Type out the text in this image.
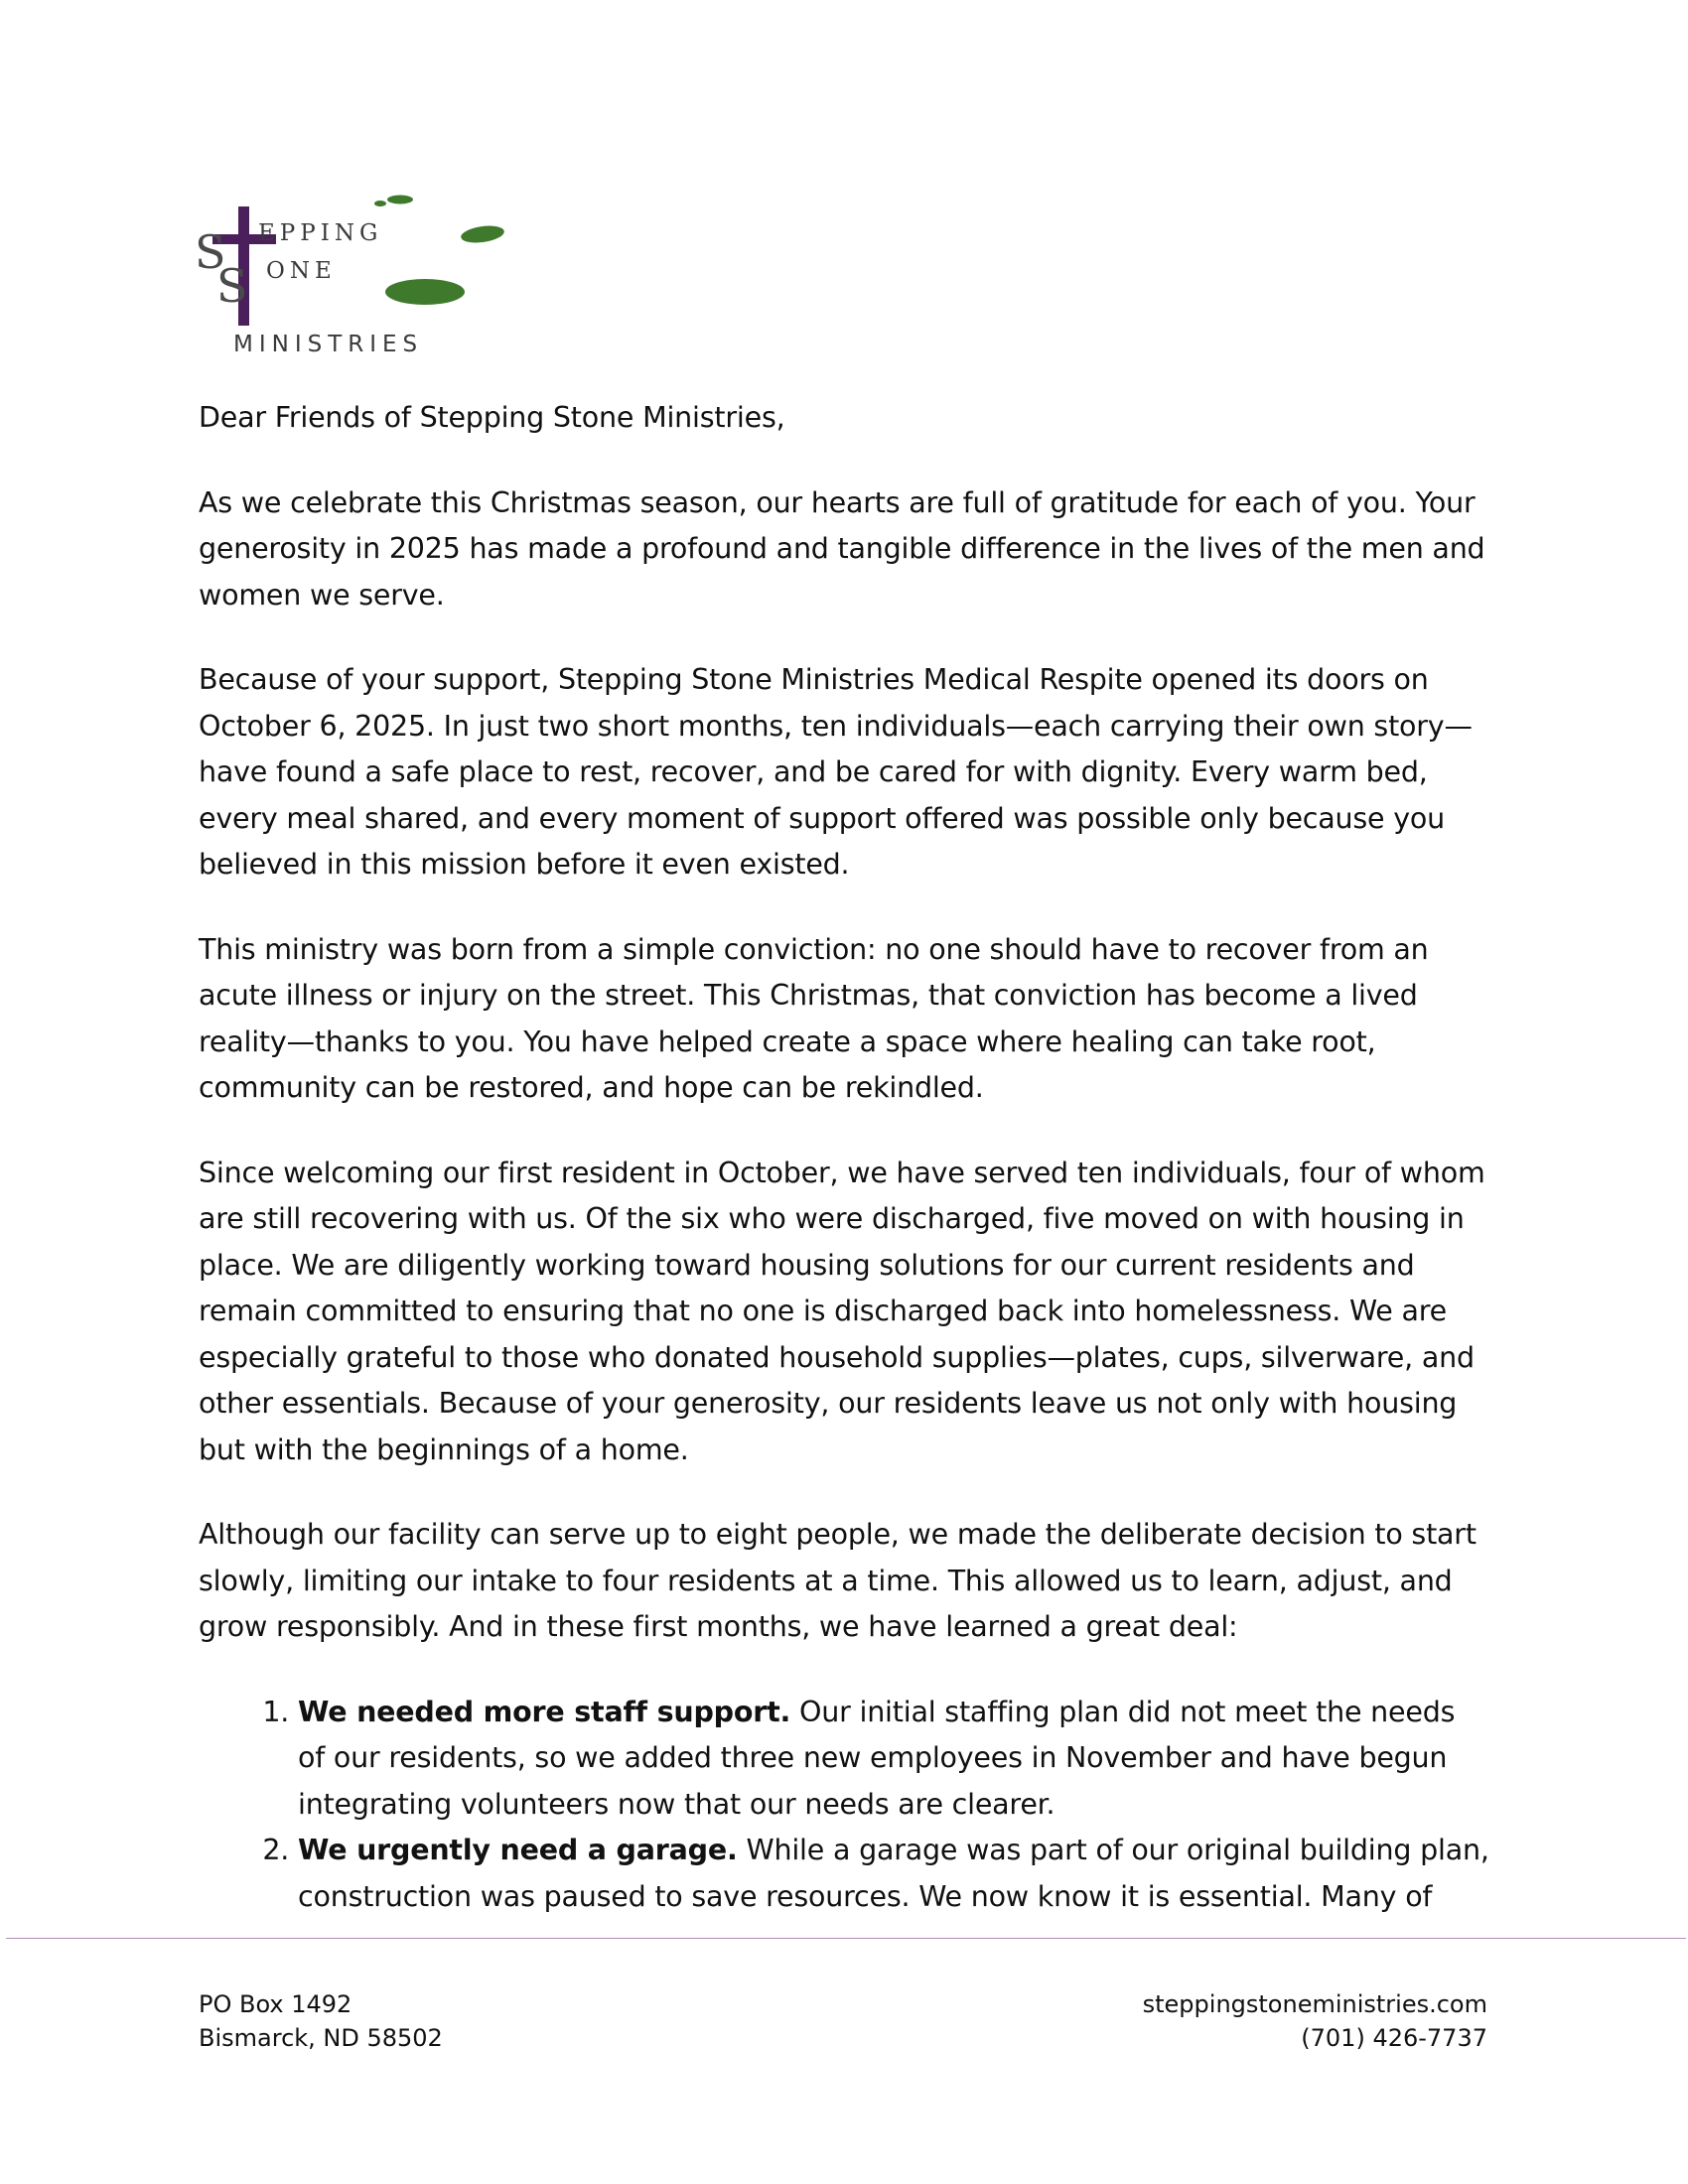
S
S
EPPING
ONE
MINISTRIES

Dear Friends of Stepping Stone Ministries,

As we celebrate this Christmas season, our hearts are full of gratitude for each of you. Your generosity in 2025 has made a profound and tangible difference in the lives of the men and women we serve.

Because of your support, Stepping Stone Ministries Medical Respite opened its doors on October 6, 2025. In just two short months, ten individuals—each carrying their own story—have found a safe place to rest, recover, and be cared for with dignity. Every warm bed, every meal shared, and every moment of support offered was possible only because you believed in this mission before it even existed.

This ministry was born from a simple conviction: no one should have to recover from an acute illness or injury on the street. This Christmas, that conviction has become a lived reality—thanks to you. You have helped create a space where healing can take root, community can be restored, and hope can be rekindled.

Since welcoming our first resident in October, we have served ten individuals, four of whom are still recovering with us. Of the six who were discharged, five moved on with housing in place. We are diligently working toward housing solutions for our current residents and remain committed to ensuring that no one is discharged back into homelessness. We are especially grateful to those who donated household supplies—plates, cups, silverware, and other essentials. Because of your generosity, our residents leave us not only with housing but with the beginnings of a home.

Although our facility can serve up to eight people, we made the deliberate decision to start slowly, limiting our intake to four residents at a time. This allowed us to learn, adjust, and grow responsibly. And in these first months, we have learned a great deal:

1. We needed more staff support. Our initial staffing plan did not meet the needs of our residents, so we added three new employees in November and have begun integrating volunteers now that our needs are clearer.
2. We urgently need a garage. While a garage was part of our original building plan, construction was paused to save resources. We now know it is essential. Many of
PO Box 1492
Bismarck, ND 58502
steppingstoneministries.com
(701) 426-7737
